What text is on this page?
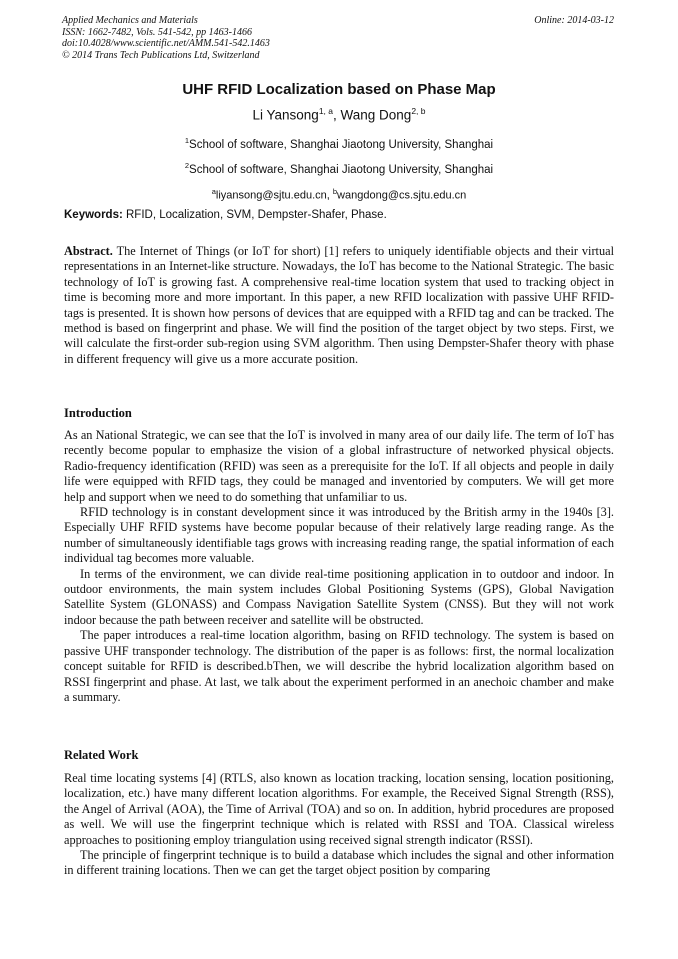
Applied Mechanics and Materials
ISSN: 1662-7482, Vols. 541-542, pp 1463-1466
doi:10.4028/www.scientific.net/AMM.541-542.1463
© 2014 Trans Tech Publications Ltd, Switzerland
Online: 2014-03-12
UHF RFID Localization based on Phase Map
Li Yansong$^{1, a}$, Wang Dong$^{2, b}$
$^1$School of software, Shanghai Jiaotong University, Shanghai
$^2$School of software, Shanghai Jiaotong University, Shanghai
$^a$liyansong@sjtu.edu.cn, $^b$wangdong@cs.sjtu.edu.cn
Keywords: RFID, Localization, SVM, Dempster-Shafer, Phase.

Abstract. The Internet of Things (or IoT for short) [1] refers to uniquely identifiable objects and their virtual representations in an Internet-like structure. Nowadays, the IoT has become to the National Strategic. The basic technology of IoT is growing fast. A comprehensive real-time location system that used to tracking object in time is becoming more and more important. In this paper, a new RFID localization with passive UHF RFID-tags is presented. It is shown how persons of devices that are equipped with a RFID tag and can be tracked. The method is based on fingerprint and phase. We will find the position of the target object by two steps. First, we will calculate the first-order sub-region using SVM algorithm. Then using Dempster-Shafer theory with phase in different frequency will give us a more accurate position.

Introduction

As an National Strategic, we can see that the IoT is involved in many area of our daily life. The term of IoT has recently become popular to emphasize the vision of a global infrastructure of networked physical objects. Radio-frequency identification (RFID) was seen as a prerequisite for the IoT. If all objects and people in daily life were equipped with RFID tags, they could be managed and inventoried by computers. We will get more help and support when we need to do something that unfamiliar to us.

RFID technology is in constant development since it was introduced by the British army in the 1940s [3]. Especially UHF RFID systems have become popular because of their relatively large reading range. As the number of simultaneously identifiable tags grows with increasing reading range, the spatial information of each individual tag becomes more valuable.

In terms of the environment, we can divide real-time positioning application in to outdoor and indoor. In outdoor environments, the main system includes Global Positioning Systems (GPS), Global Navigation Satellite System (GLONASS) and Compass Navigation Satellite System (CNSS). But they will not work indoor because the path between receiver and satellite will be obstructed.

The paper introduces a real-time location algorithm, basing on RFID technology. The system is based on passive UHF transponder technology. The distribution of the paper is as follows: first, the normal localization concept suitable for RFID is described.bThen, we will describe the hybrid localization algorithm based on RSSI fingerprint and phase. At last, we talk about the experiment performed in an anechoic chamber and make a summary.

Related Work

Real time locating systems [4] (RTLS, also known as location tracking, location sensing, location positioning, localization, etc.) have many different location algorithms. For example, the Received Signal Strength (RSS), the Angel of Arrival (AOA), the Time of Arrival (TOA) and so on. In addition, hybrid procedures are proposed as well. We will use the fingerprint technique which is related with RSSI and TOA. Classical wireless approaches to positioning employ triangulation using received signal strength indicator (RSSI).

The principle of fingerprint technique is to build a database which includes the signal and other information in different training locations. Then we can get the target object position by comparing
